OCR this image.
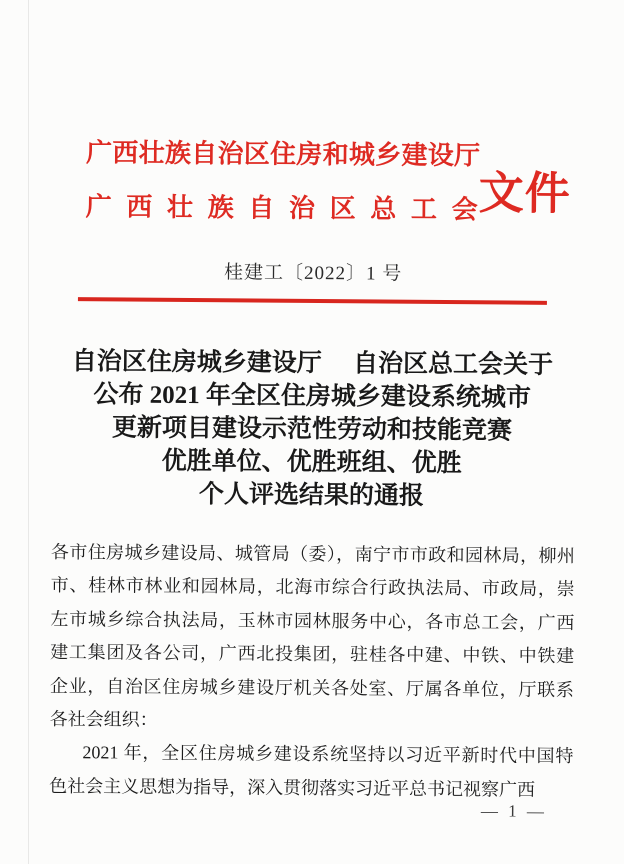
广西壮族自治区住房和城乡建设厅
广西壮族自治区总工会 文件
桂建工〔2022〕1 号
自治区住房城乡建设厅　 自治区总工会关于
公布 2021 年全区住房城乡建设系统城市
更新项目建设示范性劳动和技能竞赛
优胜单位、优胜班组、优胜
个人评选结果的通报
各市住房城乡建设局、城管局（委），南宁市市政和园林局，柳州
市、桂林市林业和园林局，北海市综合行政执法局、市政局，崇
左市城乡综合执法局，玉林市园林服务中心，各市总工会，广西
建工集团及各公司，广西北投集团，驻桂各中建、中铁、中铁建
企业，自治区住房城乡建设厅机关各处室、厅属各单位，厅联系
各社会组织：
2021 年，全区住房城乡建设系统坚持以习近平新时代中国特
色社会主义思想为指导，深入贯彻落实习近平总书记视察广西
— 1 —
